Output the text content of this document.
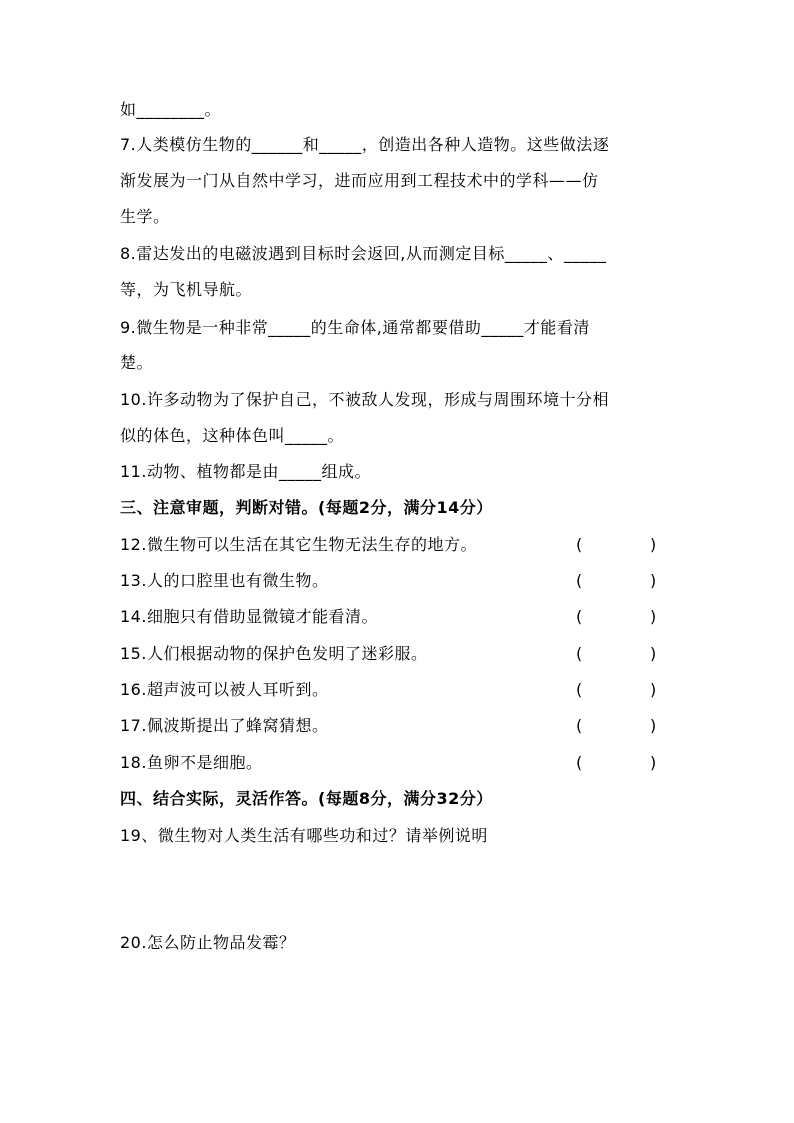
如________。
7.人类模仿生物的______和_____，创造出各种人造物。这些做法逐
渐发展为一门从自然中学习，进而应用到工程技术中的学科——仿
生学。
8.雷达发出的电磁波遇到目标时会返回,从而测定目标_____、_____
等，为飞机导航。
9.微生物是一种非常_____的生命体,通常都要借助_____才能看清
楚。
10.许多动物为了保护自己，不被敌人发现，形成与周围环境十分相
似的体色，这种体色叫_____。
11.动物、植物都是由_____组成。
三、注意审题，判断对错。(每题2分，满分14分）
12.微生物可以生活在其它生物无法生存的地方。	(	)
13.人的口腔里也有微生物。	(	)
14.细胞只有借助显微镜才能看清。	(	)
15.人们根据动物的保护色发明了迷彩服。	(	)
16.超声波可以被人耳听到。	(	)
17.佩波斯提出了蜂窝猜想。	(	)
18.鱼卵不是细胞。	(	)
四、结合实际，灵活作答。(每题8分，满分32分）
19、微生物对人类生活有哪些功和过？请举例说明
20.怎么防止物品发霉？
